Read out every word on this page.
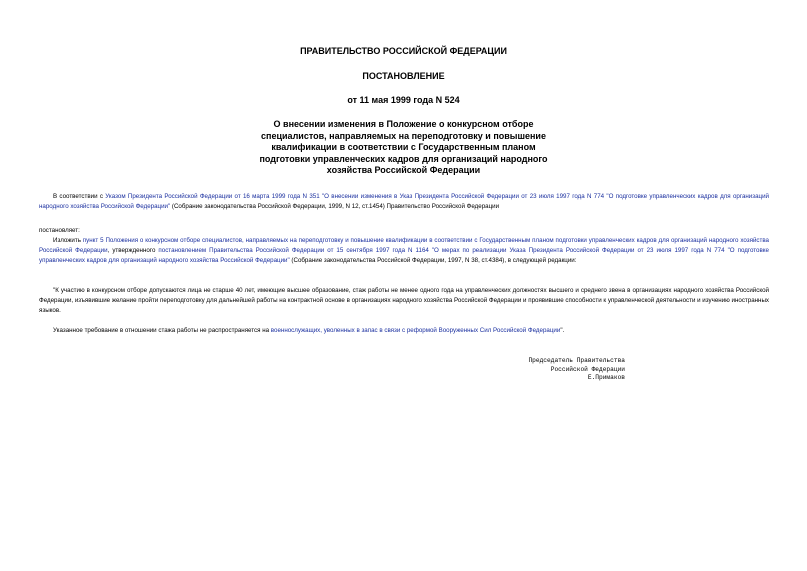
ПРАВИТЕЛЬСТВО РОССИЙСКОЙ ФЕДЕРАЦИИ
ПОСТАНОВЛЕНИЕ
от 11 мая 1999 года N 524
О внесении изменения в Положение о конкурсном отборе
специалистов, направляемых на переподготовку и повышение
квалификации в соответствии с Государственным планом
подготовки управленческих кадров для организаций народного
хозяйства Российской Федерации
В соответствии с Указом Президента Российской Федерации от 16 марта 1999 года N 351 "О внесении изменения в Указ Президента Российской Федерации от 23 июля 1997 года N 774 "О подготовке управленческих кадров для организаций народного хозяйства Российской Федерации" (Собрание законодательства Российской Федерации, 1999, N 12, ст.1454) Правительство Российской Федерации
постановляет:
Изложить пункт 5 Положения о конкурсном отборе специалистов, направляемых на переподготовку и повышение квалификации в соответствии с Государственным планом подготовки управленческих кадров для организаций народного хозяйства Российской Федерации, утвержденного постановлением Правительства Российской Федерации от 15 сентября 1997 года N 1164 "О мерах по реализации Указа Президента Российской Федерации от 23 июля 1997 года N 774 "О подготовке управленческих кадров для организаций народного хозяйства Российской Федерации" (Собрание законодательства Российской Федерации, 1997, N 38, ст.4384), в следующей редакции:
"К участию в конкурсном отборе допускаются лица не старше 40 лет, имеющие высшее образование, стаж работы не менее одного года на управленческих должностях высшего и среднего звена в организациях народного хозяйства Российской Федерации, изъявившие желание пройти переподготовку для дальнейшей работы на контрактной основе в организациях народного хозяйства Российской Федерации и проявившие способности к управленческой деятельности и изучению иностранных языков.
Указанное требование в отношении стажа работы не распространяется на военнослужащих, уволенных в запас в связи с реформой Вооруженных Сил Российской Федерации".
Председатель Правительства
Российской Федерации
Е.Примаков
